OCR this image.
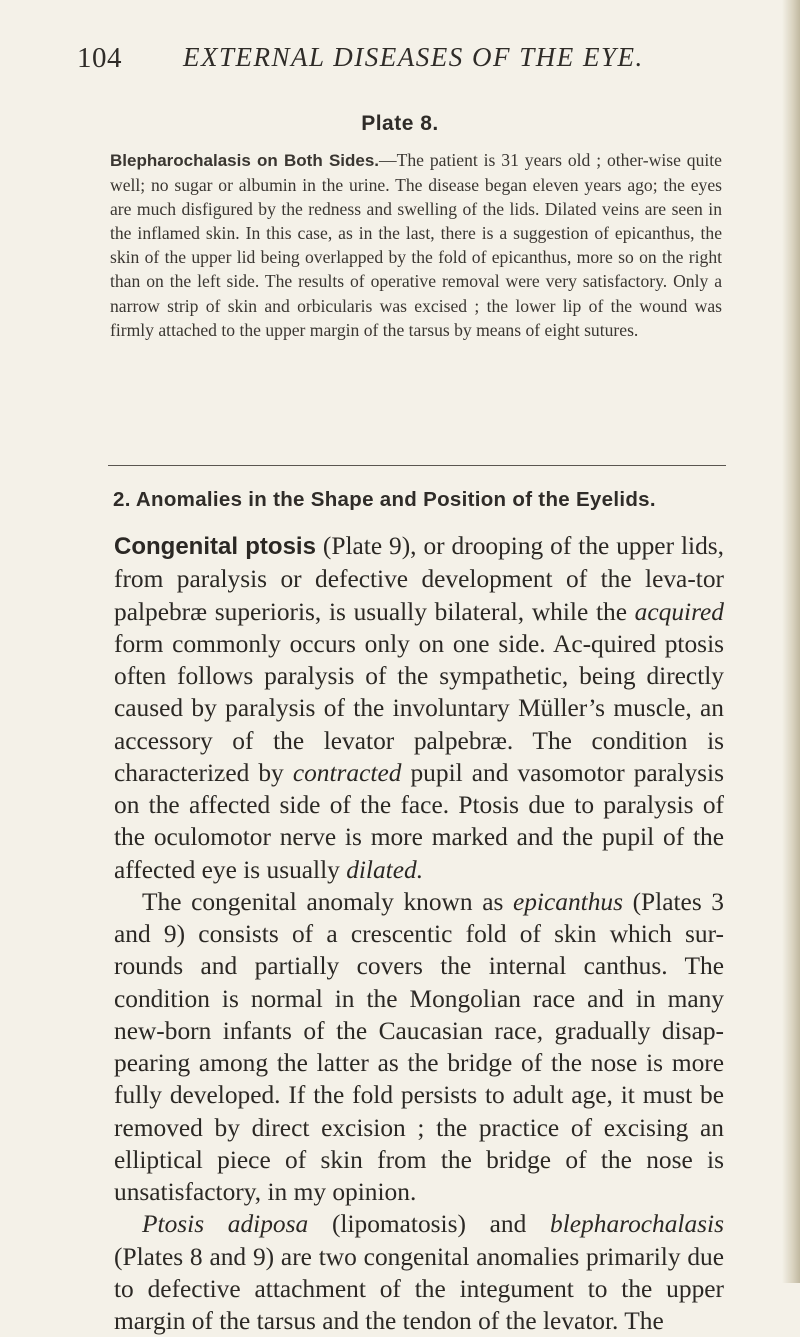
104 EXTERNAL DISEASES OF THE EYE.
Plate 8.
Blepharochalasis on Both Sides.—The patient is 31 years old ; other-wise quite well; no sugar or albumin in the urine. The disease began eleven years ago; the eyes are much disfigured by the redness and swelling of the lids. Dilated veins are seen in the inflamed skin. In this case, as in the last, there is a suggestion of epicanthus, the skin of the upper lid being overlapped by the fold of epicanthus, more so on the right than on the left side. The results of operative removal were very satisfactory. Only a narrow strip of skin and orbicularis was excised ; the lower lip of the wound was firmly attached to the upper margin of the tarsus by means of eight sutures.
2. Anomalies in the Shape and Position of the Eyelids.

Congenital ptosis (Plate 9), or drooping of the upper lids, from paralysis or defective development of the leva-tor palpebræ superioris, is usually bilateral, while the acquired form commonly occurs only on one side. Ac-quired ptosis often follows paralysis of the sympathetic, being directly caused by paralysis of the involuntary Müller’s muscle, an accessory of the levator palpebræ. The condition is characterized by contracted pupil and vasomotor paralysis on the affected side of the face. Ptosis due to paralysis of the oculomotor nerve is more marked and the pupil of the affected eye is usually dilated.

The congenital anomaly known as epicanthus (Plates 3 and 9) consists of a crescentic fold of skin which sur-rounds and partially covers the internal canthus. The condition is normal in the Mongolian race and in many new-born infants of the Caucasian race, gradually disap-pearing among the latter as the bridge of the nose is more fully developed. If the fold persists to adult age, it must be removed by direct excision ; the practice of excising an elliptical piece of skin from the bridge of the nose is unsatisfactory, in my opinion.

Ptosis adiposa (lipomatosis) and blepharochalasis (Plates 8 and 9) are two congenital anomalies primarily due to defective attachment of the integument to the upper margin of the tarsus and the tendon of the levator. The
